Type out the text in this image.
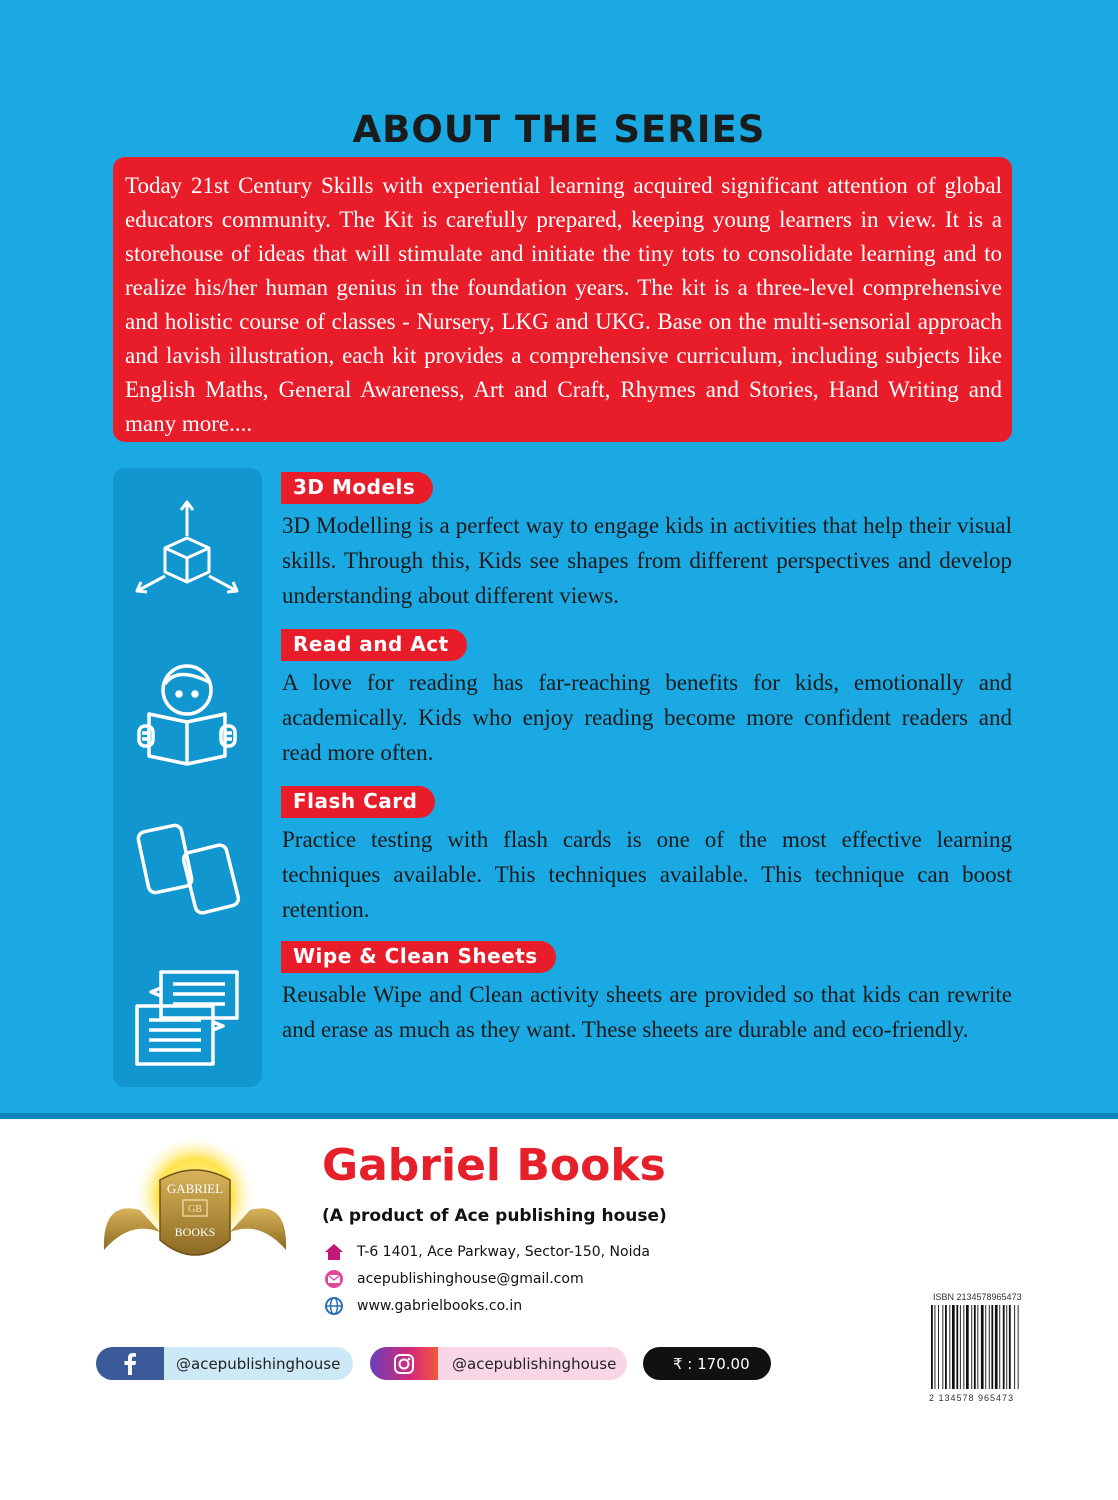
ABOUT THE SERIES

Today 21st Century Skills with experiential learning acquired significant attention of global educators community. The Kit is carefully prepared, keeping young learners in view. It is a storehouse of ideas that will stimulate and initiate the tiny tots to consolidate learning and to realize his/her human genius in the foundation years. The kit is a three-level comprehensive and holistic course of classes - Nursery, LKG and UKG. Base on the multi-sensorial approach and lavish illustration, each kit provides a comprehensive curriculum, including subjects like English Maths, General Awareness, Art and Craft, Rhymes and Stories, Hand Writing and many more....

3D Models

3D Modelling is a perfect way to engage kids in activities that help their visual skills. Through this, Kids see shapes from different perspectives and develop understanding about different views.

Read and Act

A love for reading has far-reaching benefits for kids, emotionally and academically. Kids who enjoy reading become more confident readers and read more often.

Flash Card

Practice testing with flash cards is one of the most effective learning techniques available. This techniques available. This technique can boost retention.

Wipe & Clean Sheets

Reusable Wipe and Clean activity sheets are provided so that kids can rewrite and erase as much as they want. These sheets are durable and eco-friendly.

GABRIEL
GB
BOOKS
Gabriel Books
(A product of Ace publishing house)
T-6 1401, Ace Parkway, Sector-150, Noida
acepublishinghouse@gmail.com
www.gabrielbooks.co.in
@acepublishinghouse	@acepublishinghouse	₹ : 170.00
ISBN 2134578965473
2 134578 965473
